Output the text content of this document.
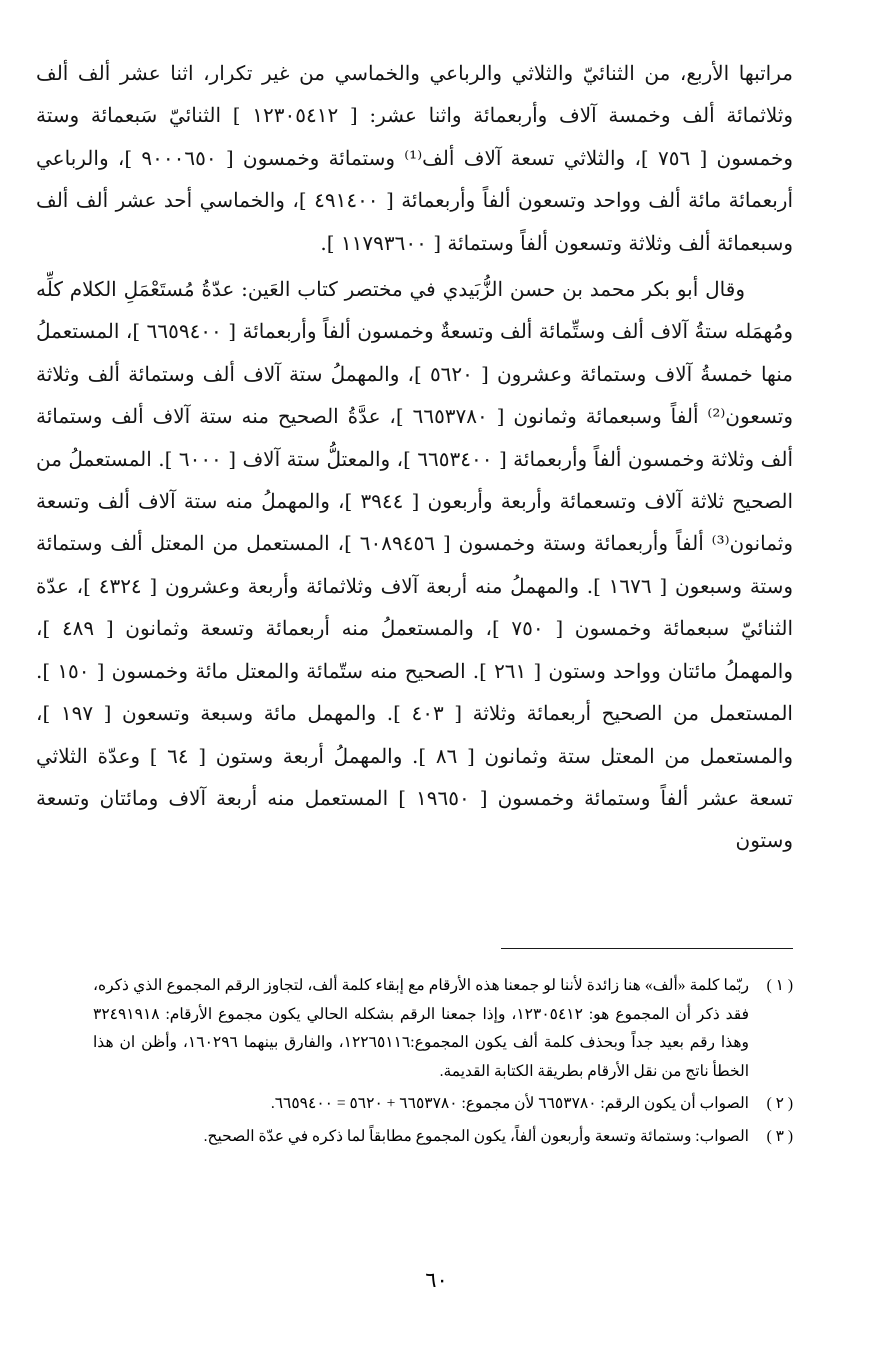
مراتبها الأربع، من الثنائيّ والثلاثي والرباعي والخماسي من غير تكرار، اثنا عشر ألف ألف وثلاثمائة ألف وخمسة آلاف وأربعمائة واثنا عشر: [ ١٢٣٠٥٤١٢ ] الثنائيّ سَبعمائة وستة وخمسون [ ٧٥٦ ]، والثلاثي تسعة آلاف ألف⁽¹⁾ وستمائة وخمسون [ ٩٠٠٠٦٥٠ ]، والرباعي أربعمائة مائة ألف وواحد وتسعون ألفاً وأربعمائة [ ٤٩١٤٠٠ ]، والخماسي أحد عشر ألف ألف وسبعمائة ألف وثلاثة وتسعون ألفاً وستمائة [ ١١٧٩٣٦٠٠ ].

وقال أبو بكر محمد بن حسن الزُّبَيدي في مختصر كتاب العَين: عدّةُ مُستَعْمَلِ الكلام كلِّه ومُهمَله ستةُ آلاف ألف وستِّمائة ألف وتسعةٌ وخمسون ألفاً وأربعمائة [ ٦٦٥٩٤٠٠ ]، المستعملُ منها خمسةُ آلاف وستمائة وعشرون [ ٥٦٢٠ ]، والمهملُ ستة آلاف ألف وستمائة ألف وثلاثة وتسعون⁽²⁾ ألفاً وسبعمائة وثمانون [ ٦٦٥٣٧٨٠ ]، عدَّةُ الصحيح منه ستة آلاف ألف وستمائة ألف وثلاثة وخمسون ألفاً وأربعمائة [ ٦٦٥٣٤٠٠ ]، والمعتلُّ ستة آلاف [ ٦٠٠٠ ]. المستعملُ من الصحيح ثلاثة آلاف وتسعمائة وأربعة وأربعون [ ٣٩٤٤ ]، والمهملُ منه ستة آلاف ألف وتسعة وثمانون⁽³⁾ ألفاً وأربعمائة وستة وخمسون [ ٦٠٨٩٤٥٦ ]، المستعمل من المعتل ألف وستمائة وستة وسبعون [ ١٦٧٦ ]. والمهملُ منه أربعة آلاف وثلاثمائة وأربعة وعشرون [ ٤٣٢٤ ]، عدّة الثنائيّ سبعمائة وخمسون [ ٧٥٠ ]، والمستعملُ منه أربعمائة وتسعة وثمانون [ ٤٨٩ ]، والمهملُ مائتان وواحد وستون [ ٢٦١ ]. الصحيح منه ستّمائة والمعتل مائة وخمسون [ ١٥٠ ]. المستعمل من الصحيح أربعمائة وثلاثة [ ٤٠٣ ]. والمهمل مائة وسبعة وتسعون [ ١٩٧ ]، والمستعمل من المعتل ستة وثمانون [ ٨٦ ]. والمهملُ أربعة وستون [ ٦٤ ] وعدّة الثلاثي تسعة عشر ألفاً وستمائة وخمسون [ ١٩٦٥٠ ] المستعمل منه أربعة آلاف ومائتان وتسعة وستون

( ١ )
ربّما كلمة «ألف» هنا زائدة لأننا لو جمعنا هذه الأرقام مع إبقاء كلمة ألف، لتجاوز الرقم المجموع الذي ذكره، فقد ذكر أن المجموع هو: ١٢٣٠٥٤١٢، وإذا جمعنا الرقم بشكله الحالي يكون مجموع الأرقام: ٣٢٤٩١٩١٨ وهذا رقم بعيد جداً وبحذف كلمة ألف يكون المجموع:١٢٢٦٥١١٦، والفارق بينهما ١٦٠٢٩٦، وأظن ان هذا الخطأ ناتج من نقل الأرقام بطريقة الكتابة القديمة.
( ٢ )
الصواب أن يكون الرقم: ٦٦٥٣٧٨٠ لأن مجموع: ٦٦٥٣٧٨٠ + ٥٦٢٠ = ٦٦٥٩٤٠٠.
( ٣ )
الصواب: وستمائة وتسعة وأربعون ألفاً، يكون المجموع مطابقاً لما ذكره في عدّة الصحيح.
٦٠
